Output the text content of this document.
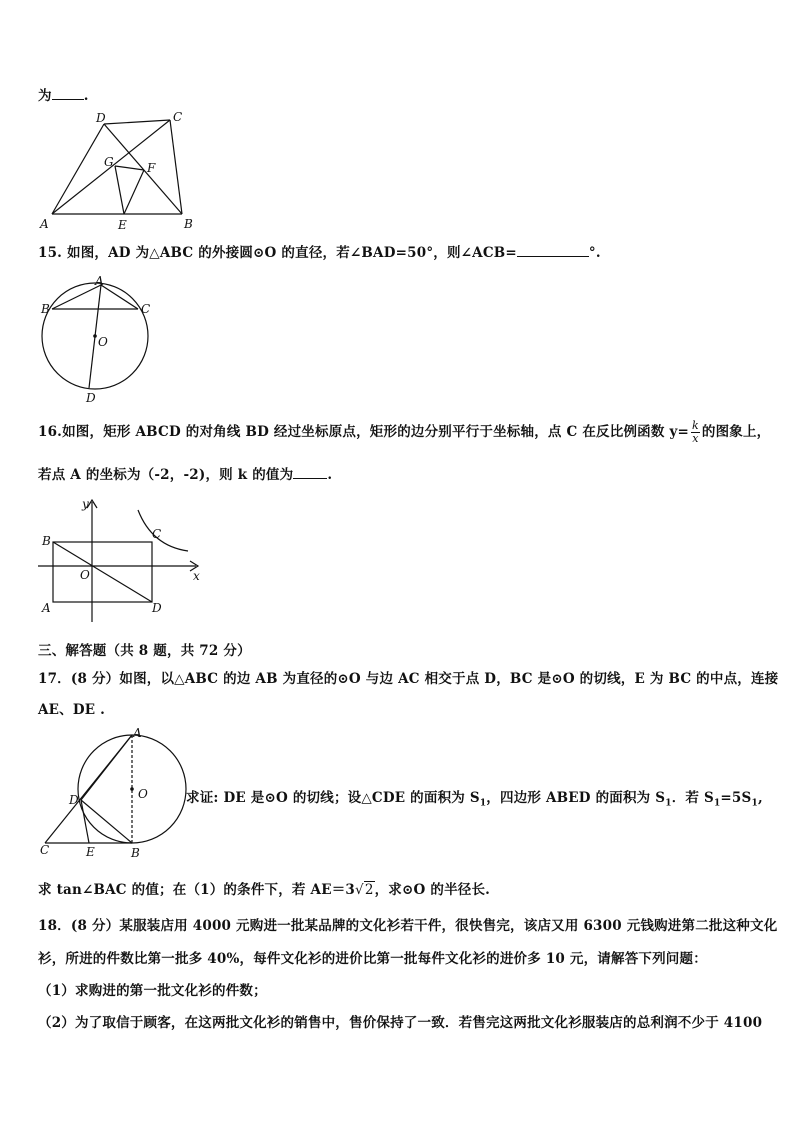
为 .
A	B
C
D
E
F
G
15. 如图，AD 为△ABC 的外接圆⊙O 的直径，若∠BAD=50°，则∠ACB=	°.
A
B	C
O
D
16.如图，矩形 ABCD 的对角线 BD 经过坐标原点，矩形的边分别平行于坐标轴，点 C 在反比例函数 $y= \frac{k}{x}$ 的图象上，
若点 A 的坐标为（-2，-2)，则 k 的值为	.
y
x
O
A
B	C
D
三、解答题（共 8 题，共 72 分）
17．(8 分）如图，以△ABC 的边 AB 为直径的⊙O 与边 AC 相交于点 D，BC 是⊙O 的切线，E 为 BC 的中点，连接
AE、DE .
A
B
C
D
E
O	求证: DE 是⊙O 的切线；设△CDE 的面积为 $S_1$，四边形 ABED 的面积为 $S_1$．若 $S_1=5S_1$,
求 tan∠BAC 的值；在（1）的条件下，若 AE＝3√2，求⊙O 的半径长.
18．(8 分）某服装店用 4000 元购进一批某品牌的文化衫若干件，很快售完，该店又用 6300 元钱购进第二批这种文化
衫，所进的件数比第一批多 40%，每件文化衫的进价比第一批每件文化衫的进价多 10 元，请解答下列问题：
（1）求购进的第一批文化衫的件数；
（2）为了取信于顾客，在这两批文化衫的销售中，售价保持了一致．若售完这两批文化衫服装店的总利润不少于 4100
